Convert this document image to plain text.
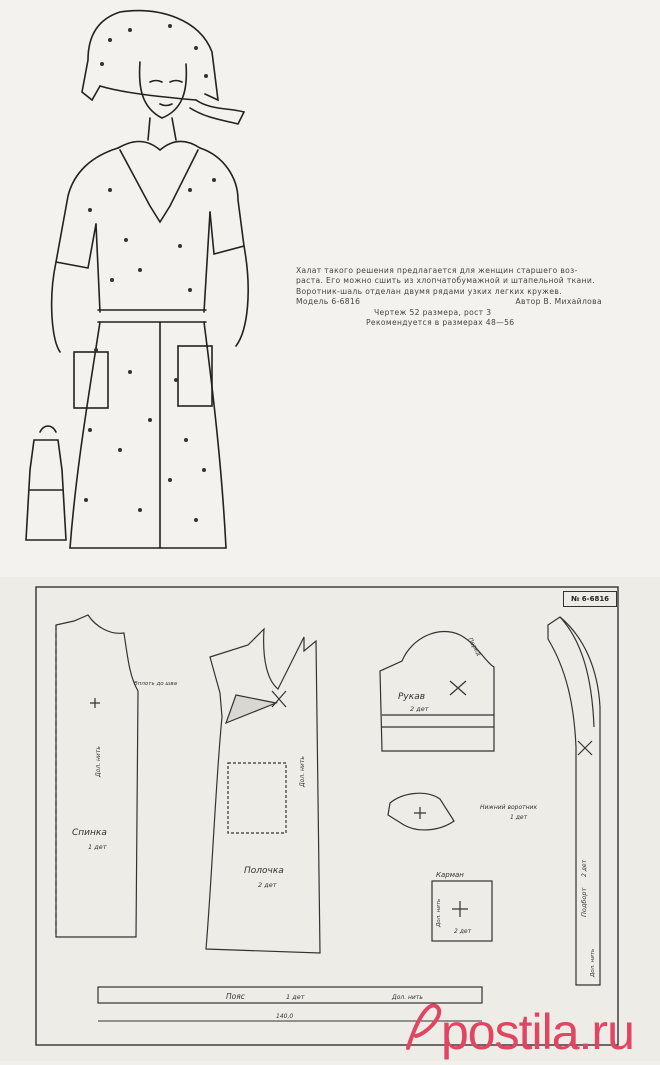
Халат такого решения предлагается для женщин старшего воз-
раста. Его можно сшить из хлопчатобумажной и штапельной ткани.
Воротник-шаль отделан двумя рядами узких легких кружев.
Модель 6-6816	Автор В. Михайлова
Чертеж 52 размера, рост 3
Рекомендуется в размерах 48—56
Спинка
1 дет
Дол. нить
Вплоть до шва
Полочка
2 дет
Дол. нить
Рукав
2 дет
Перед
Нижний воротник
1 дет
Карман
2 дет
Дол. нить	Подборт
2 дет
Дол. нить
Пояс	1 дет	Дол. нить
140,0
№ 6-6816
postila.ru
